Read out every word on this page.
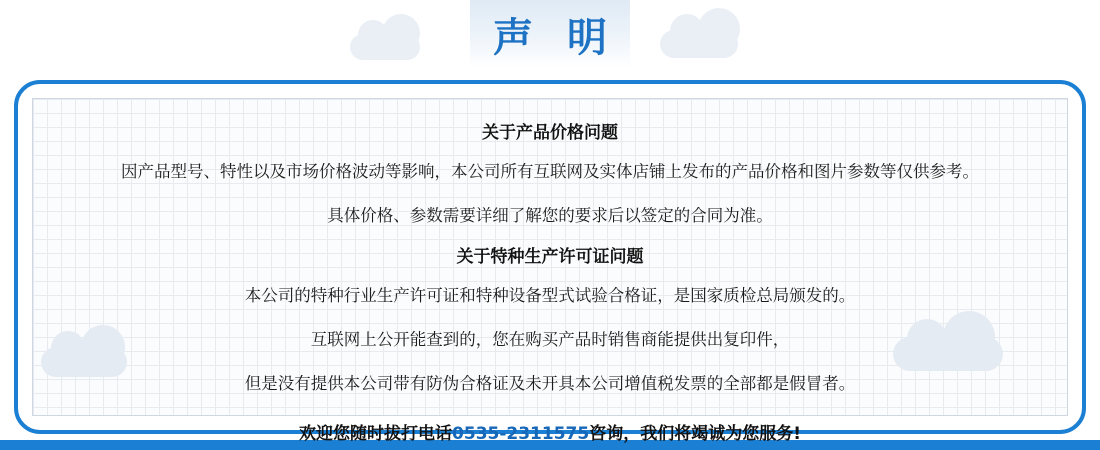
声 明

关于产品价格问题

因产品型号、特性以及市场价格波动等影响，本公司所有互联网及实体店铺上发布的产品价格和图片参数等仅供参考。

具体价格、参数需要详细了解您的要求后以签定的合同为准。

关于特种生产许可证问题

本公司的特种行业生产许可证和特种设备型式试验合格证，是国家质检总局颁发的。

互联网上公开能查到的，您在购买产品时销售商能提供出复印件，

但是没有提供本公司带有防伪合格证及未开具本公司增值税发票的全部都是假冒者。

欢迎您随时拔打电话0535-2311575咨询，我们将竭诚为您服务!
